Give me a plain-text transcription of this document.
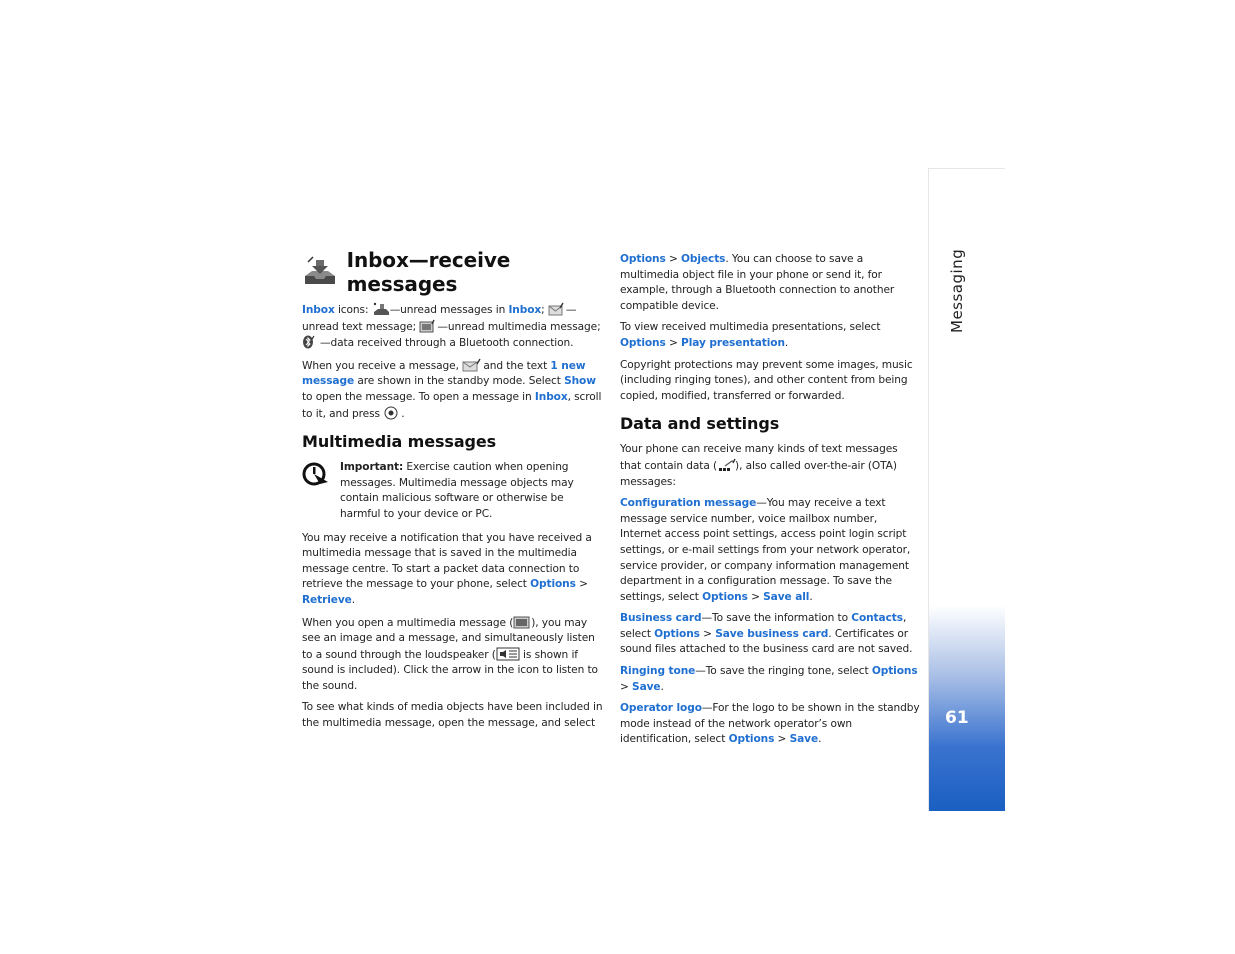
Inbox—receive messages

Inbox icons: —unread messages in Inbox; —unread text message; —unread multimedia message; —data received through a Bluetooth connection.

When you receive a message,  and the text 1 new message are shown in the standby mode. Select Show to open the message. To open a message in Inbox, scroll to it, and press .

Multimedia messages
Important: Exercise caution when opening messages. Multimedia message objects may contain malicious software or otherwise be harmful to your device or PC.

You may receive a notification that you have received a multimedia message that is saved in the multimedia message centre. To start a packet data connection to retrieve the message to your phone, select Options > Retrieve.

When you open a multimedia message ( ), you may see an image and a message, and simultaneously listen to a sound through the loudspeaker ( is shown if sound is included). Click the arrow in the icon to listen to the sound.

To see what kinds of media objects have been included in the multimedia message, open the message, and select

Options > Objects. You can choose to save a multimedia object file in your phone or send it, for example, through a Bluetooth connection to another compatible device.

To view received multimedia presentations, select Options > Play presentation.

Copyright protections may prevent some images, music (including ringing tones), and other content from being copied, modified, transferred or forwarded.

Data and settings

Your phone can receive many kinds of text messages that contain data ( ), also called over-the-air (OTA) messages:

Configuration message—You may receive a text message service number, voice mailbox number, Internet access point settings, access point login script settings, or e-mail settings from your network operator, service provider, or company information management department in a configuration message. To save the settings, select Options > Save all.

Business card—To save the information to Contacts, select Options > Save business card. Certificates or sound files attached to the business card are not saved.

Ringing tone—To save the ringing tone, select Options > Save.

Operator logo—For the logo to be shown in the standby mode instead of the network operator’s own identification, select Options > Save.

Messaging
61
